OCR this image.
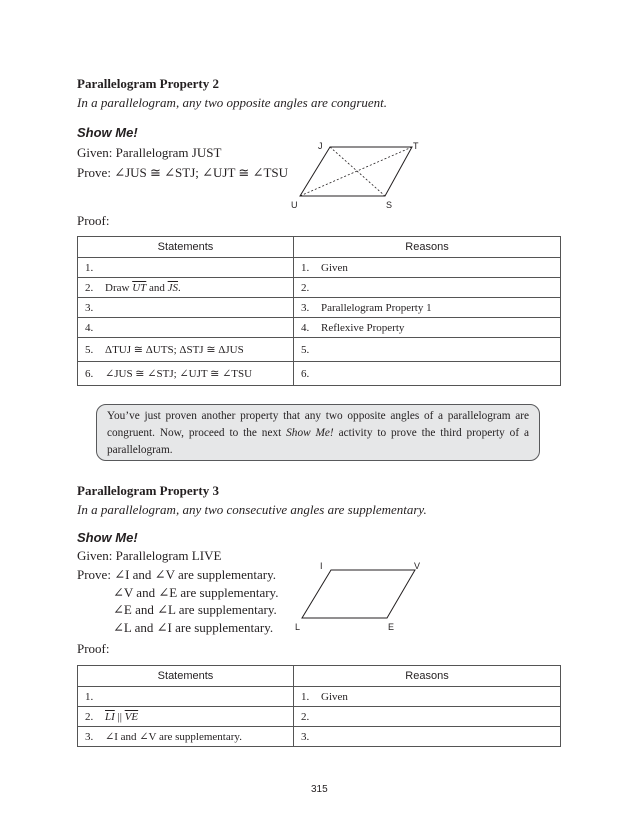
Parallelogram Property 2
In a parallelogram, any two opposite angles are congruent.
Show Me!
Given: Parallelogram JUST
Prove: ∠JUS ≅ ∠STJ; ∠UJT ≅ ∠TSU
J	T
U	S
Proof:
Statements	Reasons
1.	1. Given
2. Draw $\overline{UT}$ and $\overline{JS}$.	2.
3.	3. Parallelogram Property 1
4.	4. Reflexive Property
5. ΔTUJ ≅ ΔUTS; ΔSTJ ≅ ΔJUS	5.
6. ∠JUS ≅ ∠STJ; ∠UJT ≅ ∠TSU	6.
You’ve just proven another property that any two opposite angles of a parallelogram are congruent. Now, proceed to the next Show Me! activity to prove the third property of a parallelogram.
Parallelogram Property 3
In a parallelogram, any two consecutive angles are supplementary.
Show Me!
Given: Parallelogram LIVE
Prove: ∠I and ∠V are supplementary.
∠V and ∠E are supplementary.
∠E and ∠L are supplementary.
∠L and ∠I are supplementary.
I	V
L	E
Proof:
Statements	Reasons
1.	1. Given
2. $\overline{LI}$ || $\overline{VE}$	2.
3. ∠I and ∠V are supplementary.	3.
315
